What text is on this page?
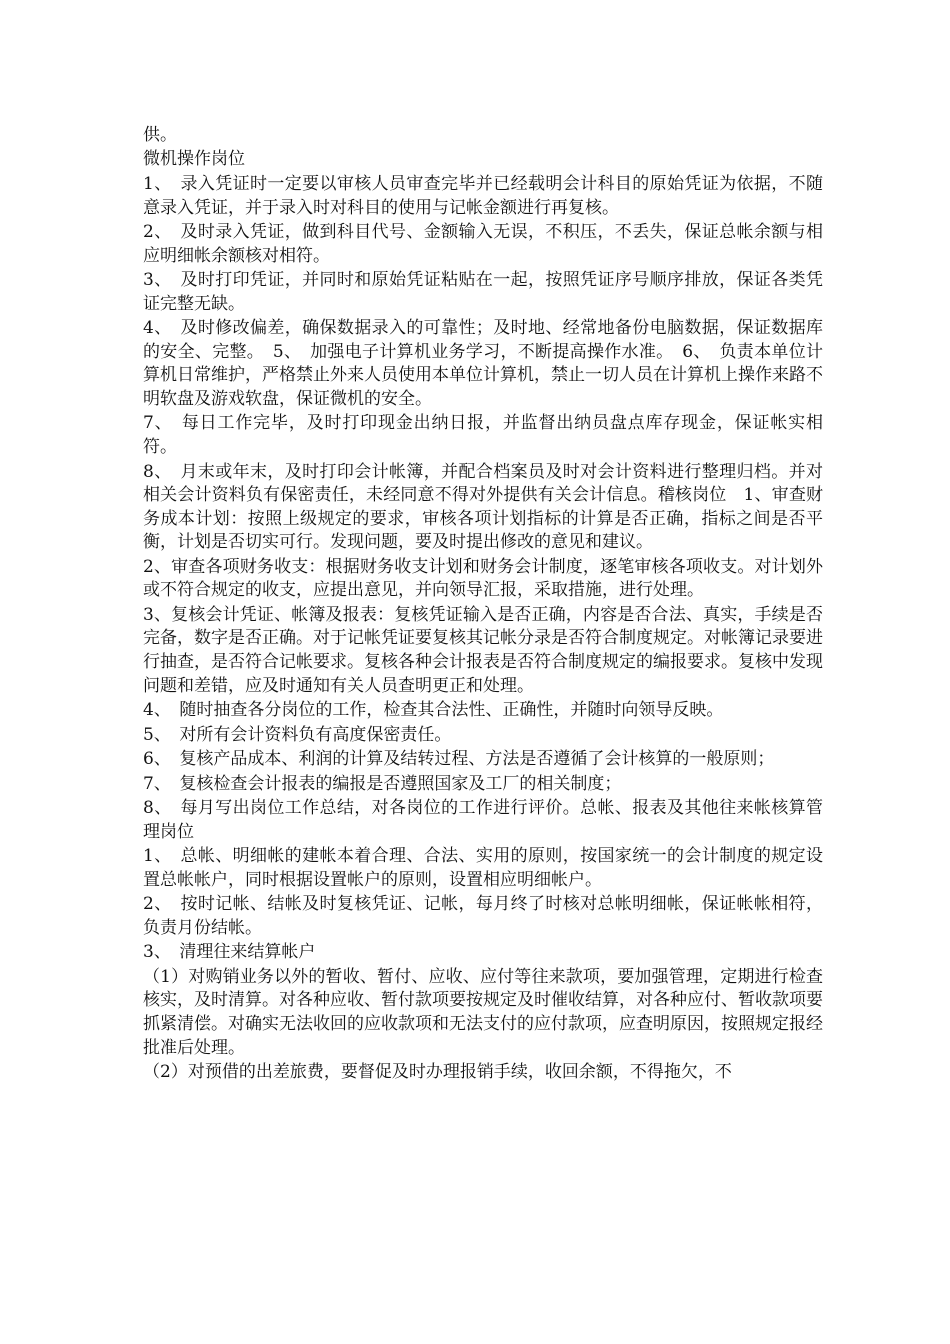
供。

微机操作岗位

1、　录入凭证时一定要以审核人员审查完毕并已经载明会计科目的原始凭证为依据，不随意录入凭证，并于录入时对科目的使用与记帐金额进行再复核。

2、　及时录入凭证，做到科目代号、金额输入无误，不积压，不丢失，保证总帐余额与相应明细帐余额核对相符。

3、　及时打印凭证，并同时和原始凭证粘贴在一起，按照凭证序号顺序排放，保证各类凭证完整无缺。

4、　及时修改偏差，确保数据录入的可靠性；及时地、经常地备份电脑数据，保证数据库的安全、完整。　5、　加强电子计算机业务学习，不断提高操作水准。　6、　负责本单位计算机日常维护，严格禁止外来人员使用本单位计算机，禁止一切人员在计算机上操作来路不明软盘及游戏软盘，保证微机的安全。

7、　每日工作完毕，及时打印现金出纳日报，并监督出纳员盘点库存现金，保证帐实相符。

8、　月末或年末，及时打印会计帐簿，并配合档案员及时对会计资料进行整理归档。并对相关会计资料负有保密责任，未经同意不得对外提供有关会计信息。稽核岗位　1、审查财务成本计划：按照上级规定的要求，审核各项计划指标的计算是否正确，指标之间是否平衡，计划是否切实可行。发现问题，要及时提出修改的意见和建议。

2、审查各项财务收支：根据财务收支计划和财务会计制度，逐笔审核各项收支。对计划外或不符合规定的收支，应提出意见，并向领导汇报，采取措施，进行处理。

3、复核会计凭证、帐簿及报表：复核凭证输入是否正确，内容是否合法、真实，手续是否完备，数字是否正确。对于记帐凭证要复核其记帐分录是否符合制度规定。对帐簿记录要进行抽查，是否符合记帐要求。复核各种会计报表是否符合制度规定的编报要求。复核中发现问题和差错，应及时通知有关人员查明更正和处理。

4、　随时抽查各分岗位的工作，检查其合法性、正确性，并随时向领导反映。

5、　对所有会计资料负有高度保密责任。

6、　复核产品成本、利润的计算及结转过程、方法是否遵循了会计核算的一般原则；

7、　复核检查会计报表的编报是否遵照国家及工厂的相关制度；

8、　每月写出岗位工作总结，对各岗位的工作进行评价。总帐、报表及其他往来帐核算管理岗位

1、　总帐、明细帐的建帐本着合理、合法、实用的原则，按国家统一的会计制度的规定设置总帐帐户，同时根据设置帐户的原则，设置相应明细帐户。

2、　按时记帐、结帐及时复核凭证、记帐，每月终了时核对总帐明细帐，保证帐帐相符，负责月份结帐。

3、　清理往来结算帐户

（1）对购销业务以外的暂收、暂付、应收、应付等往来款项，要加强管理，定期进行检查核实，及时清算。对各种应收、暂付款项要按规定及时催收结算，对各种应付、暂收款项要抓紧清偿。对确实无法收回的应收款项和无法支付的应付款项，应查明原因，按照规定报经批准后处理。

（2）对预借的出差旅费，要督促及时办理报销手续，收回余额，不得拖欠，不
